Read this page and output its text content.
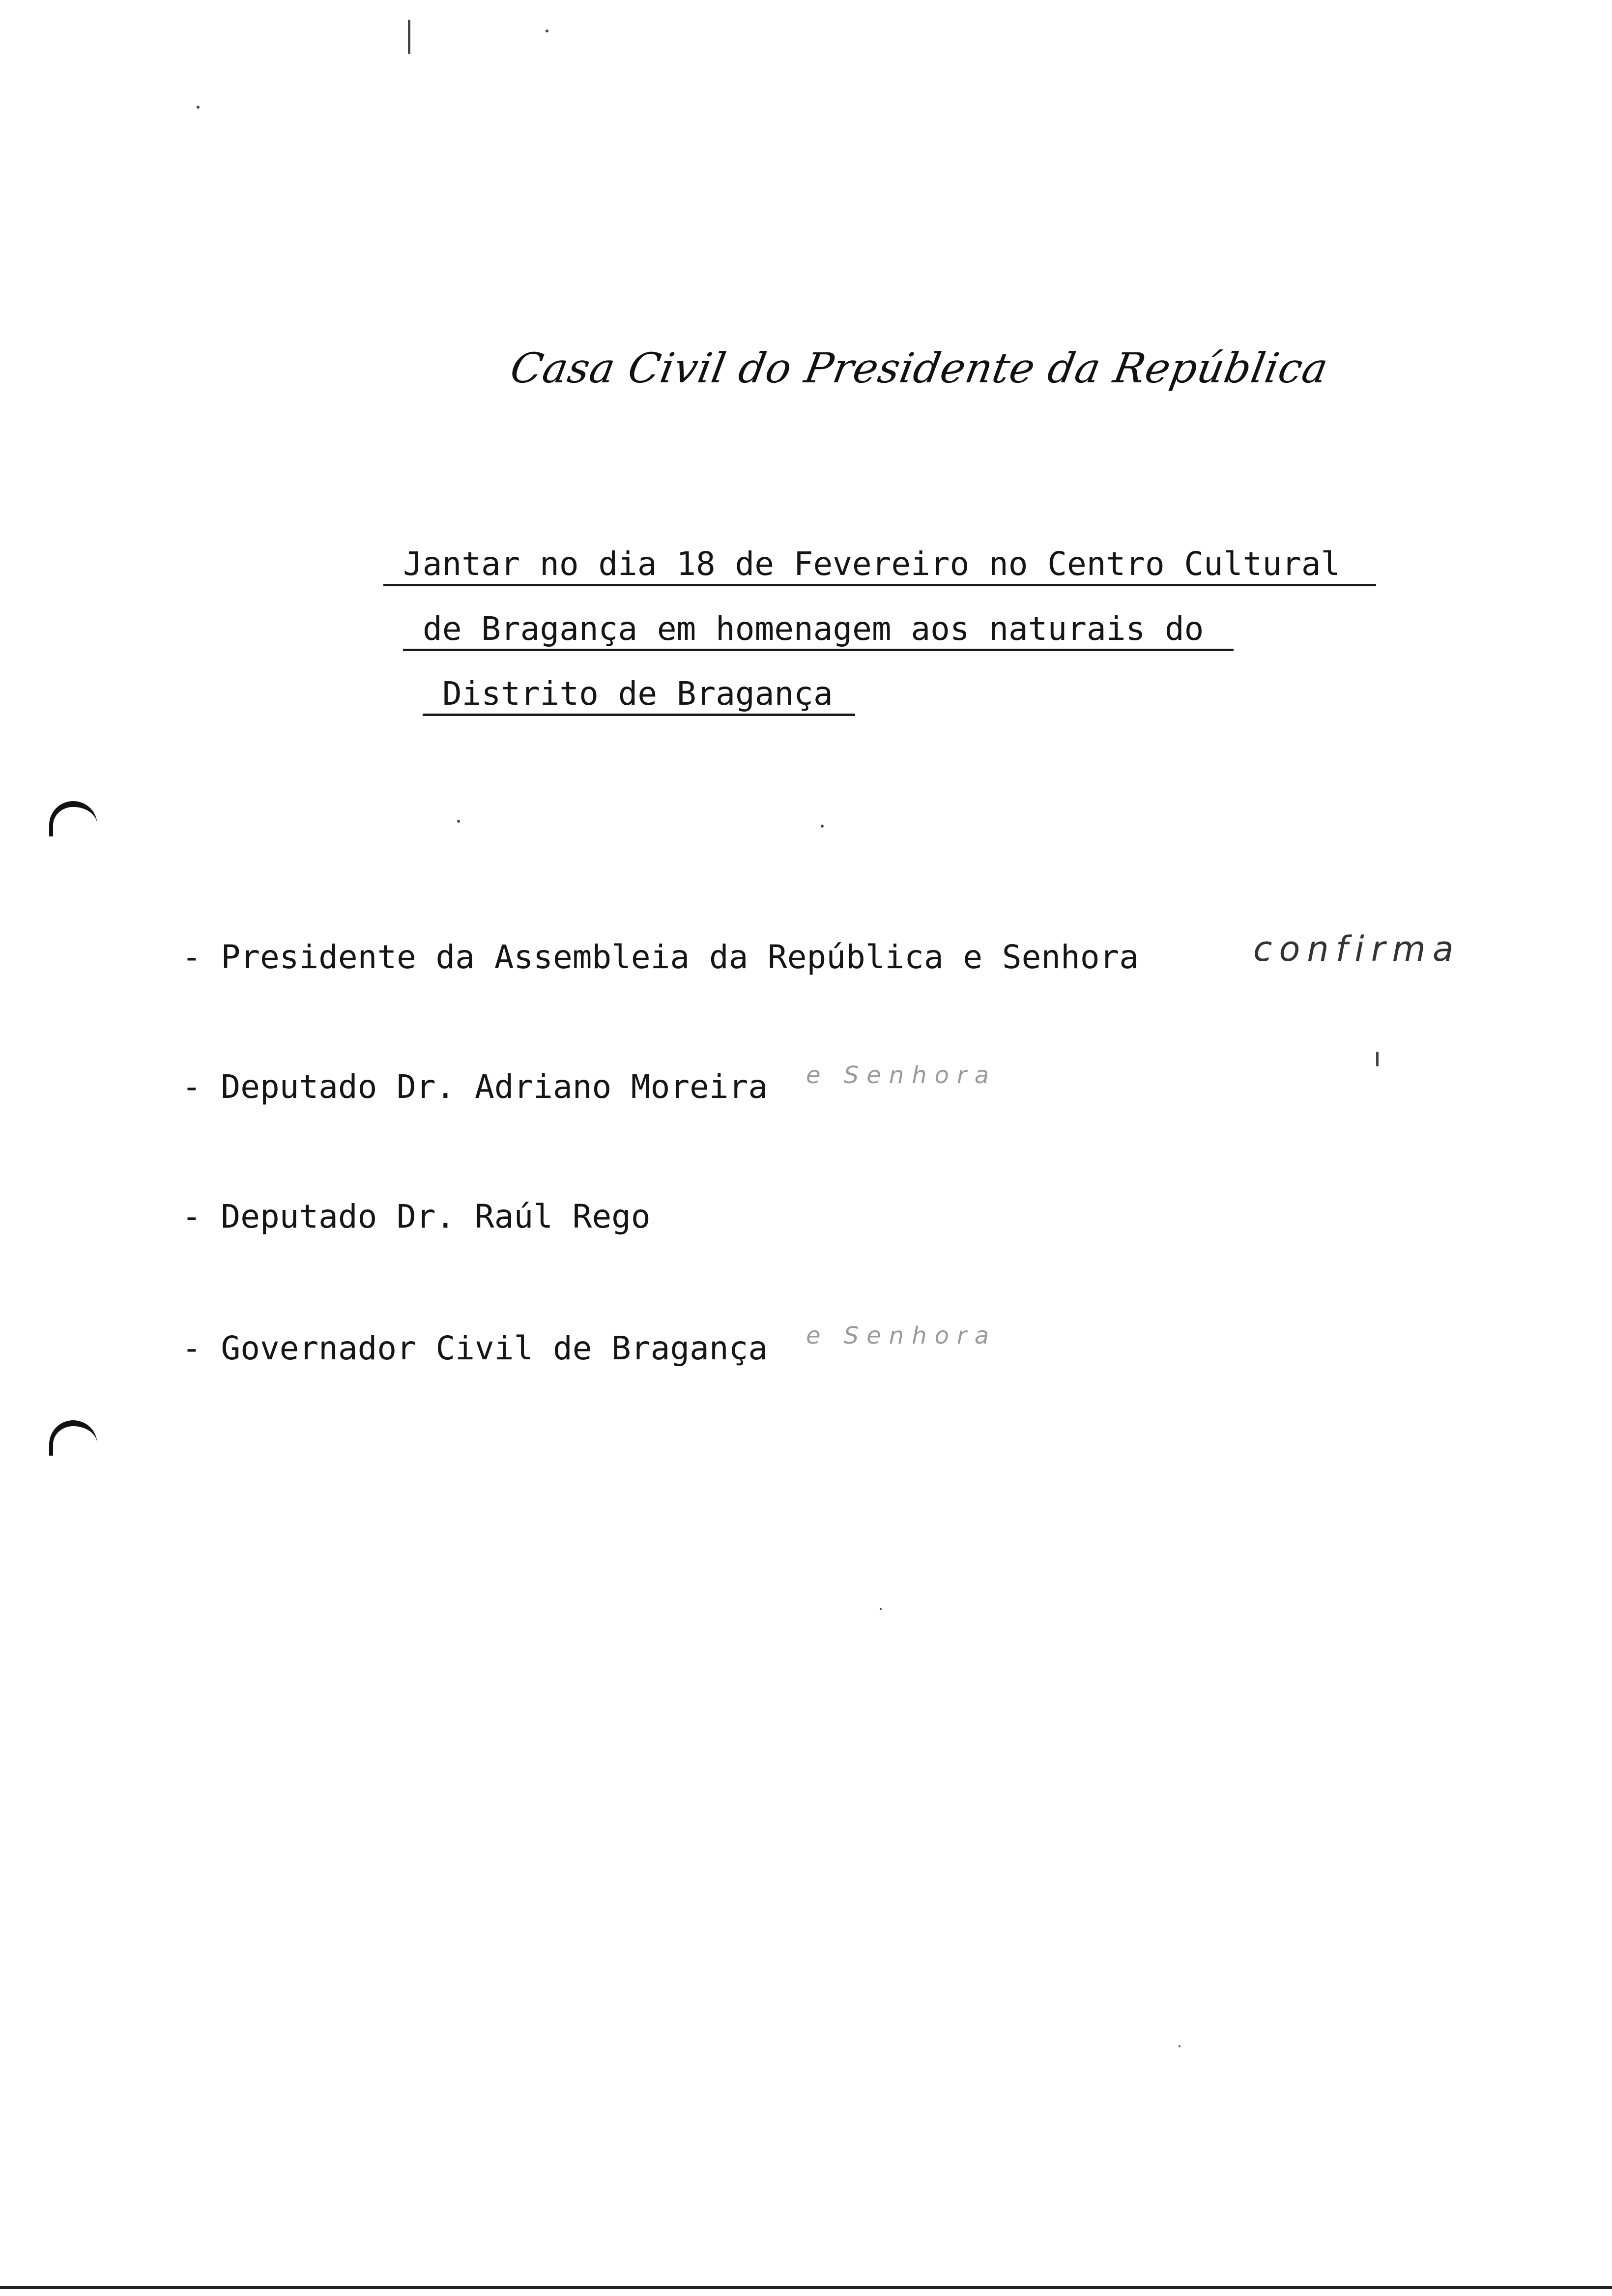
Casa Civil do Presidente da República
Jantar no dia 18 de Fevereiro no Centro Cultural
de Bragança em homenagem aos naturais do
Distrito de Bragança
- Presidente da Assembleia da República e Senhora	confirma
- Deputado Dr. Adriano Moreira e Senhora
- Deputado Dr. Raúl Rego
- Governador Civil de Bragança e Senhora
